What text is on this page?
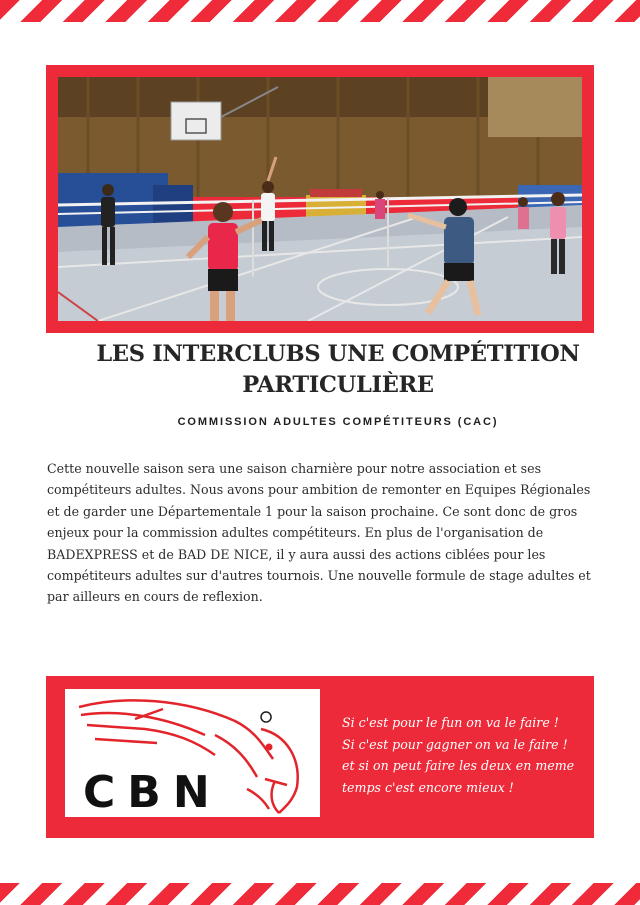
LES INTERCLUBS UNE COMPÉTITION PARTICULIÈRE

COMMISSION ADULTES COMPÉTITEURS (CAC)

Cette nouvelle saison sera une saison charnière pour notre association et ses compétiteurs adultes. Nous avons pour ambition de remonter en Equipes Régionales et de garder une Départementale 1 pour la saison prochaine. Ce sont donc de gros enjeux pour la commission adultes compétiteurs. En plus de l'organisation de BADEXPRESS et de BAD DE NICE, il y aura aussi des actions ciblées pour les compétiteurs adultes sur d'autres tournois. Une nouvelle formule de stage adultes et par ailleurs en cours de reflexion.

CBN
Si c'est pour le fun on va le faire !
Si c'est pour gagner on va le faire !
et si on peut faire les deux en meme
temps c'est encore mieux !
